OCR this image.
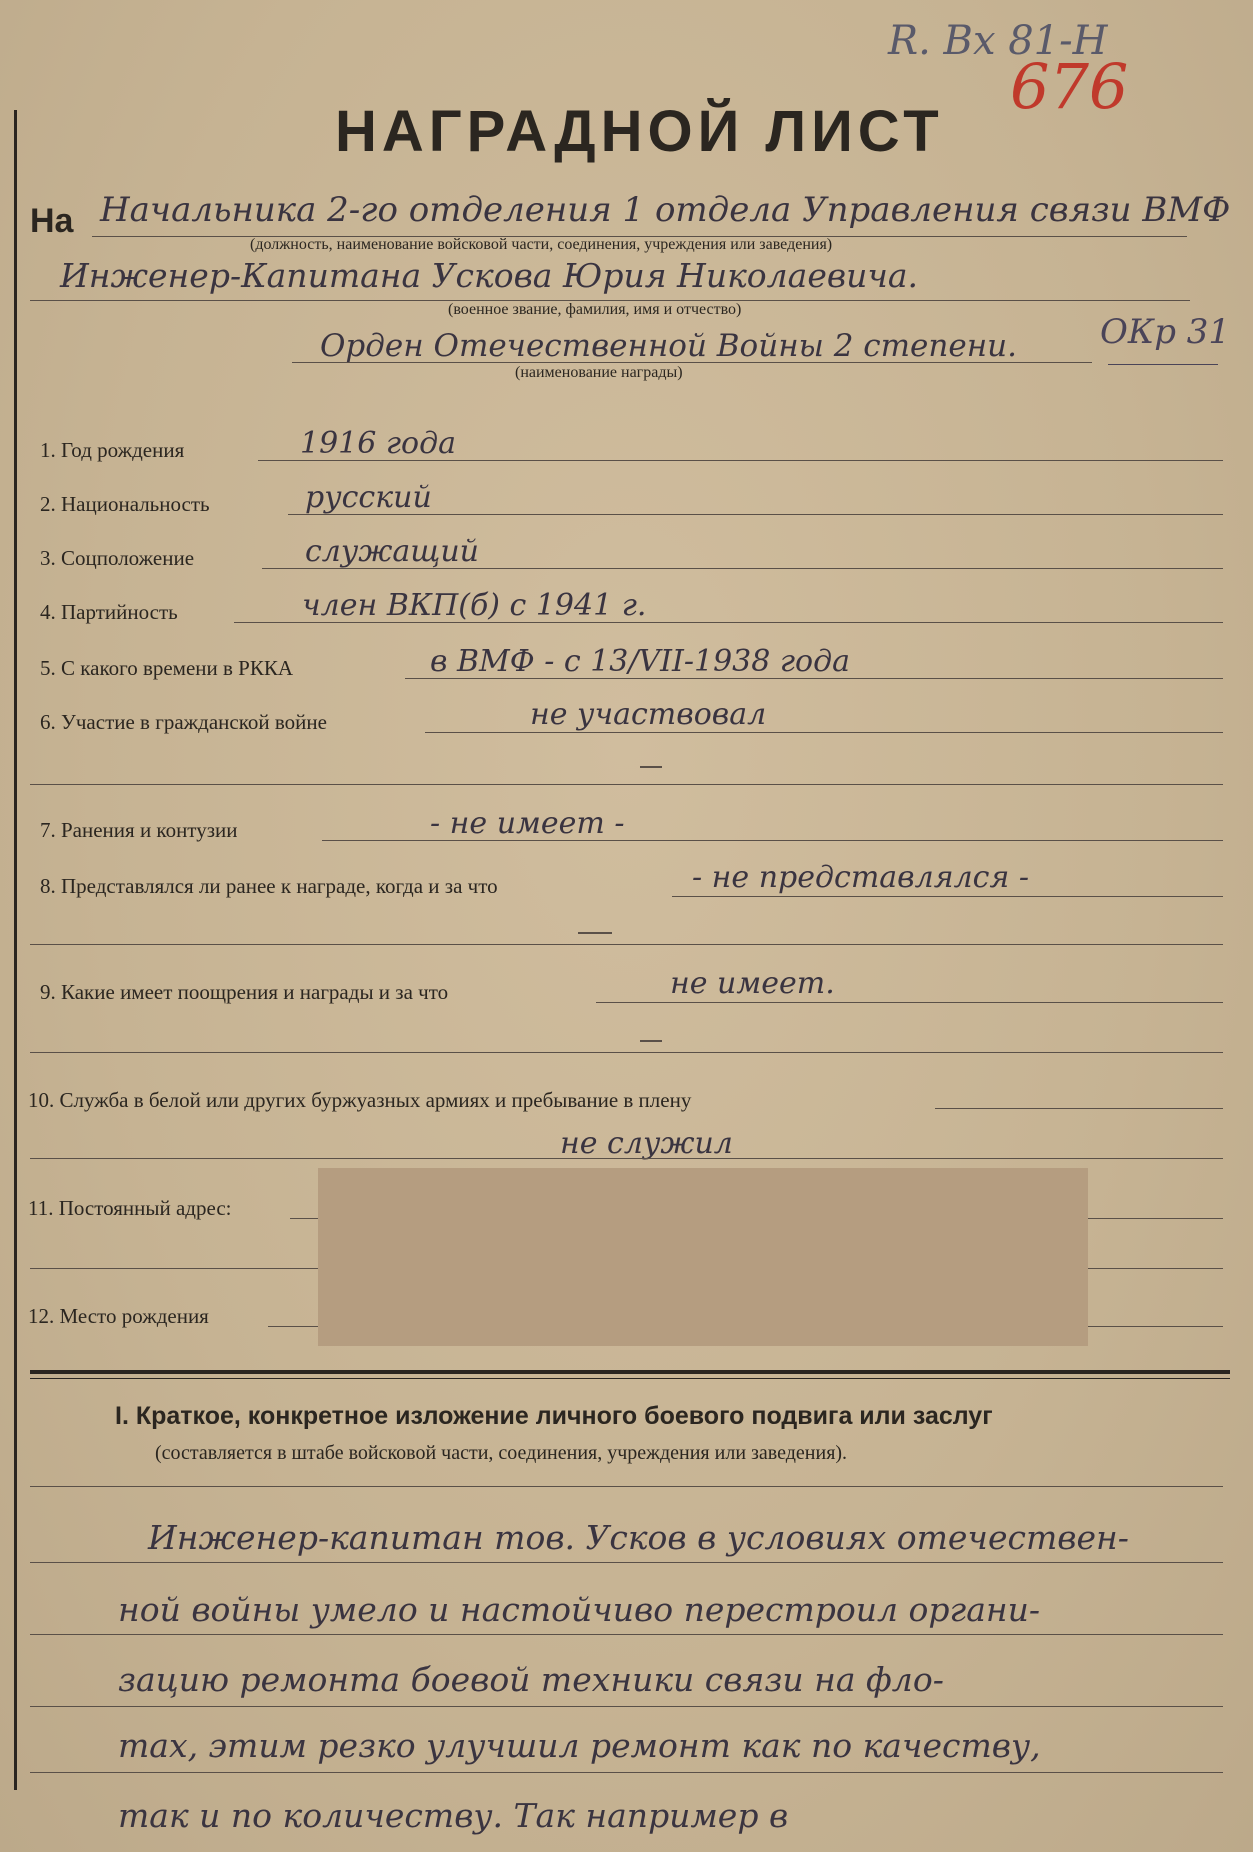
R. Вх 81-Н
676
НАГРАДНОЙ ЛИСТ
На Начальника 2-го отделения 1 отдела Управления связи ВМФ
(должность, наименование войсковой части, соединения, учреждения или заведения)
Инженер-Капитана Ускова Юрия Николаевича.
(военное звание, фамилия, имя и отчество)
Орден Отечественной Войны 2 степени.
(наименование награды)
ОКр 31
1. Год рождения	1916 года
2. Национальность	русский
3. Соцположение	служащий
4. Партийность	член ВКП(б) с 1941 г.
5. С какого времени в РККА	в ВМФ - с 13/VII-1938 года
6. Участие в гражданской войне	не участвовал
7. Ранения и контузии	- не имеет -
8. Представлялся ли ранее к награде, когда и за что	- не представлялся -
9. Какие имеет поощрения и награды и за что	не имеет.
10. Служба в белой или других буржуазных армиях и пребывание в плену
не служил
11. Постоянный адрес:
12. Место рождения
I. Краткое, конкретное изложение личного боевого подвига или заслуг
(составляется в штабе войсковой части, соединения, учреждения или заведения).
Инженер-капитан тов. Усков в условиях отечествен-
ной войны умело и настойчиво перестроил органи-
зацию ремонта боевой техники связи на фло-
тах, этим резко улучшил ремонт как по качеству,
так и по количеству. Так например в
